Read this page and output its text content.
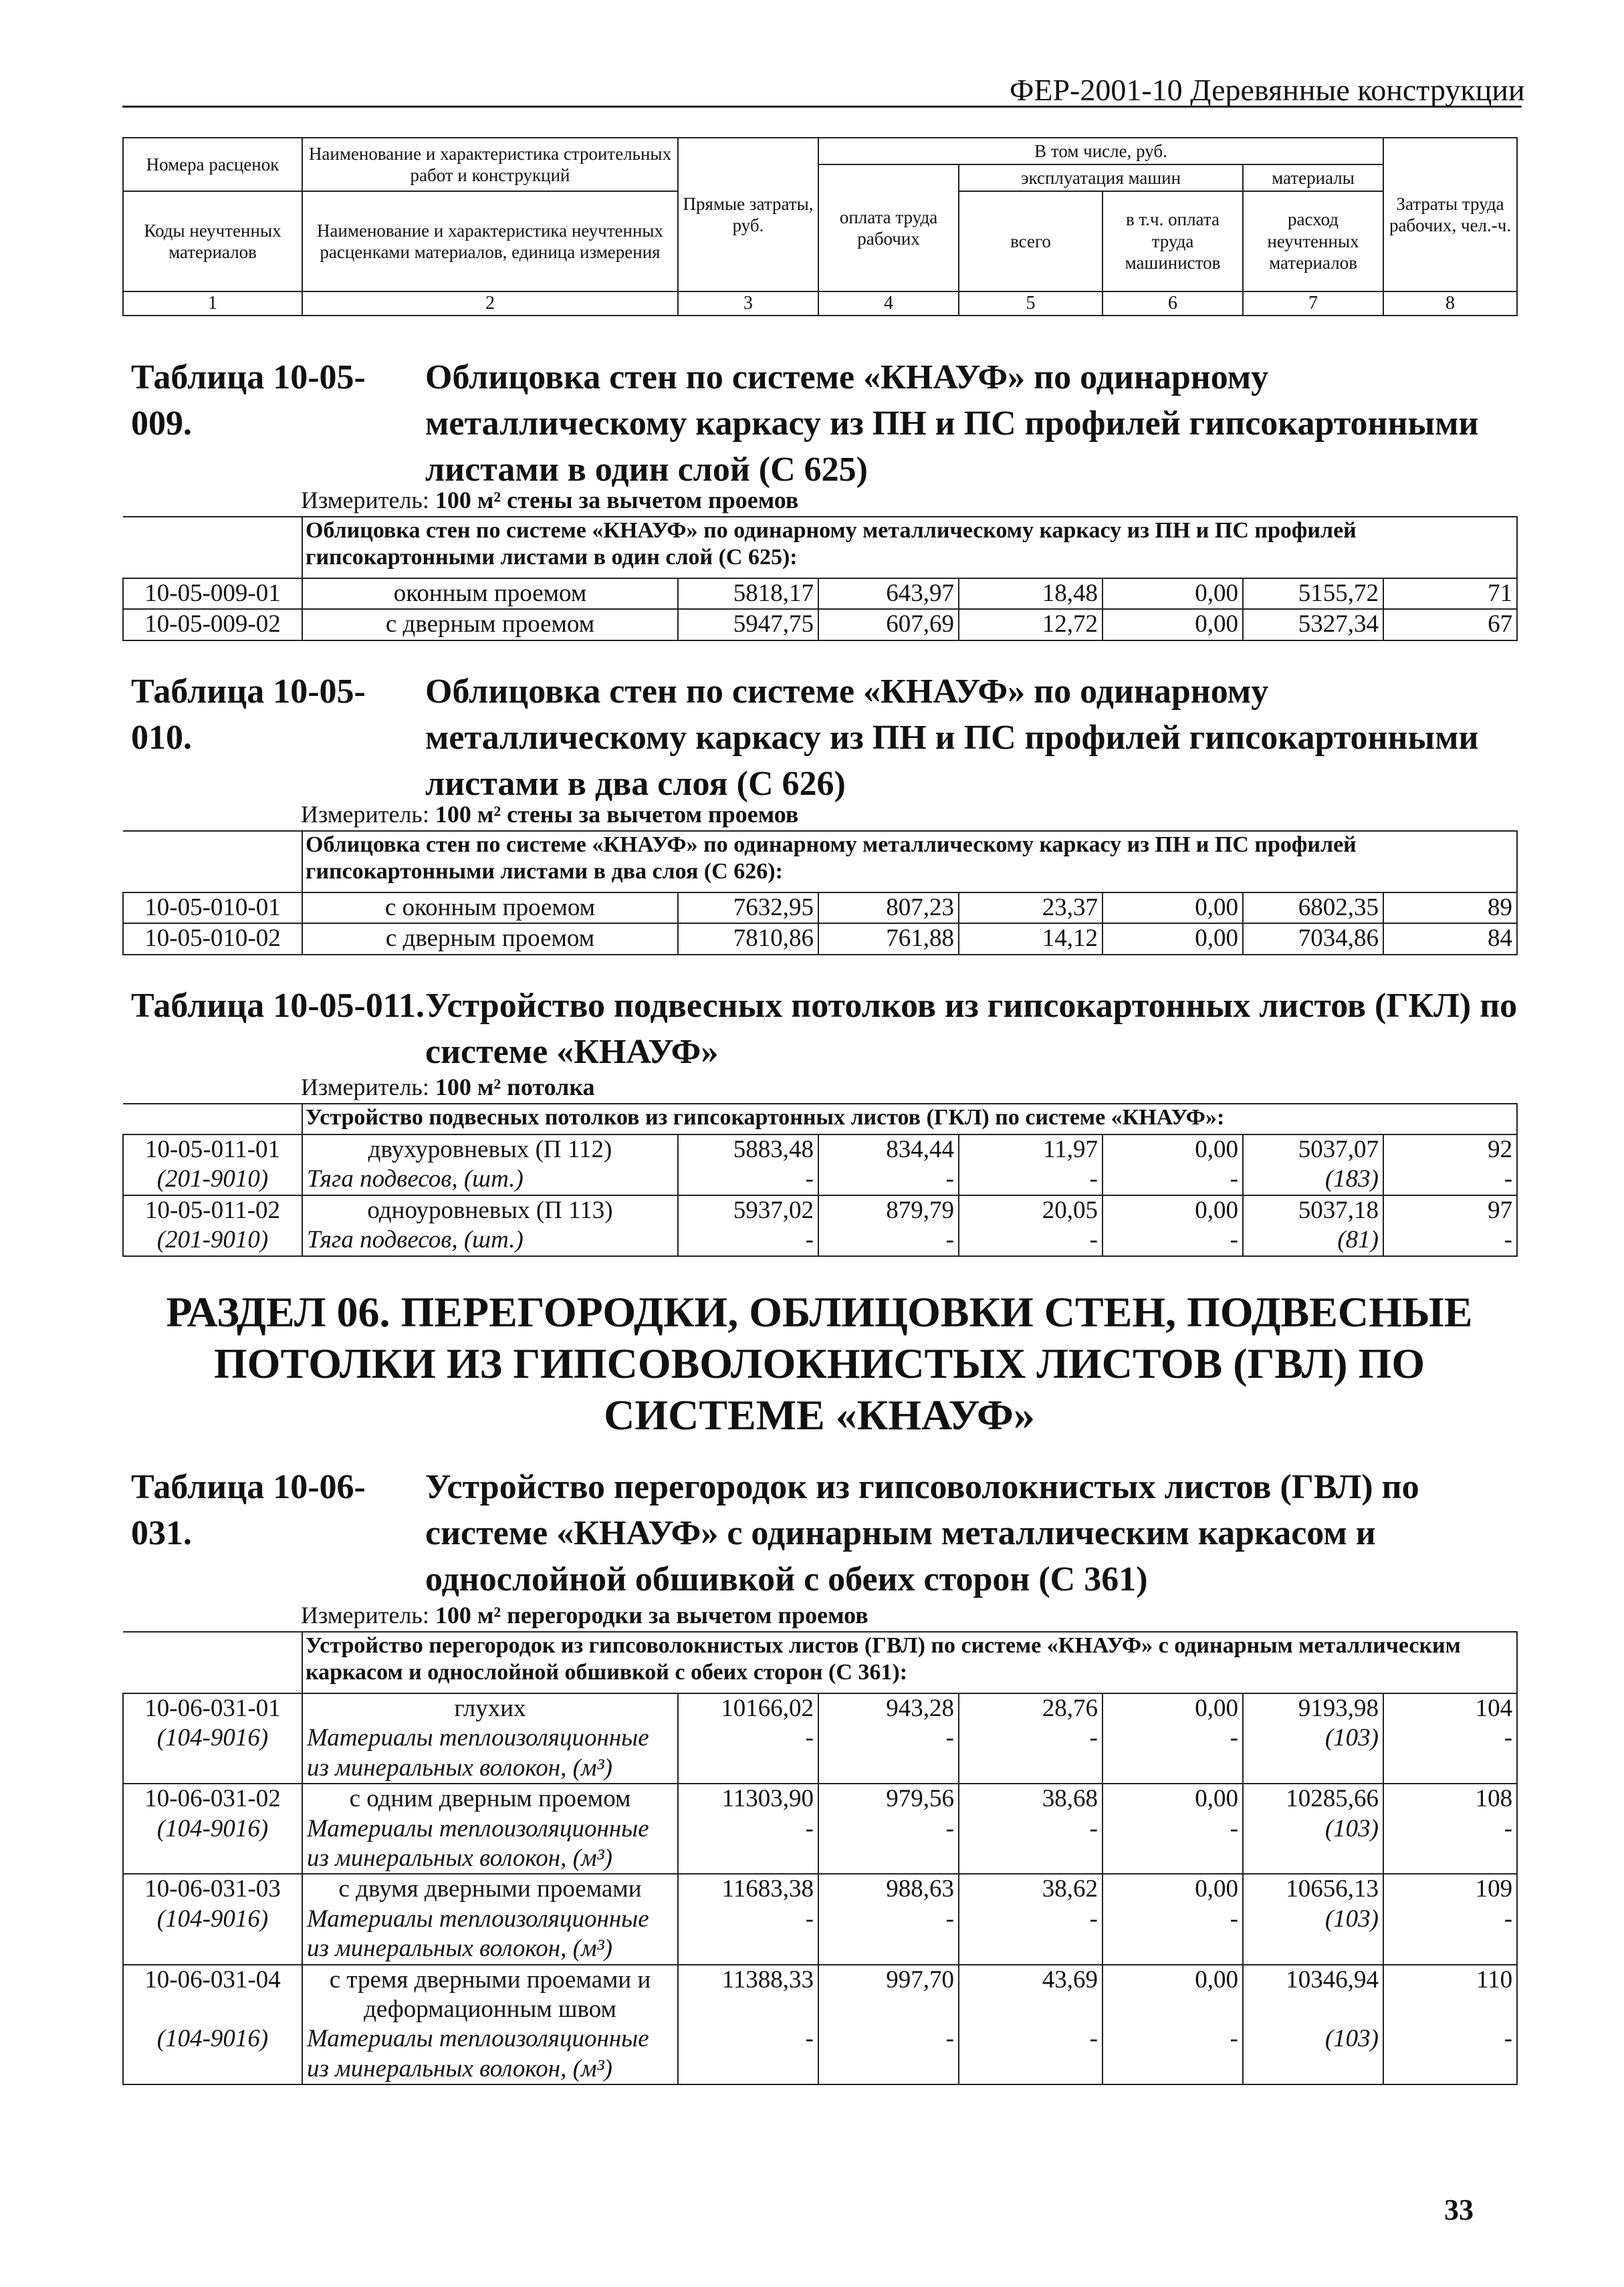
ФЕР-2001-10 Деревянные конструкции
Номера расценок	Наименование и характеристика строительных работ и конструкций	Прямые затраты, руб.	В том числе, руб.				Затраты труда рабочих, чел.-ч.
			оплата труда рабочих	эксплуатация машин		материалы	
Коды неучтенных материалов	Наименование и характеристика неучтенных расценками материалов, единица измерения			всего	в т.ч. оплата труда машинистов	расход неучтенных материалов	

1	2	3	4	5	6	7	8
Таблица 10-05-009.Облицовка стен по системе «КНАУФ» по одинарному металлическому каркасу из ПН и ПС профилей гипсокартонными листами в один слой (С 625)
Измеритель: 100 м² стены за вычетом проемов
	Облицовка стен по системе «КНАУФ» по одинарному металлическому каркасу из ПН и ПС профилей гипсокартонными листами в один слой (С 625):						
10-05-009-01	оконным проемом	5818,17	643,97	18,48	0,00	5155,72	71
10-05-009-02	с дверным проемом	5947,75	607,69	12,72	0,00	5327,34	67
Таблица 10-05-010.Облицовка стен по системе «КНАУФ» по одинарному металлическому каркасу из ПН и ПС профилей гипсокартонными листами в два слоя (С 626)
Измеритель: 100 м² стены за вычетом проемов
	Облицовка стен по системе «КНАУФ» по одинарному металлическому каркасу из ПН и ПС профилей гипсокартонными листами в два слоя (С 626):						
10-05-010-01	с оконным проемом	7632,95	807,23	23,37	0,00	6802,35	89
10-05-010-02	с дверным проемом	7810,86	761,88	14,12	0,00	7034,86	84
Таблица 10-05-011.Устройство подвесных потолков из гипсокартонных листов (ГКЛ) по системе «КНАУФ»
Измеритель: 100 м² потолка
	Устройство подвесных потолков из гипсокартонных листов (ГКЛ) по системе «КНАУФ»:						
10-05-011-01	двухуровневых (П 112)	5883,48	834,44	11,97	0,00	5037,07	92
(201-9010)	Тяга подвесов, (шт.)	-	-	-	-	(183)	-
10-05-011-02	одноуровневых (П 113)	5937,02	879,79	20,05	0,00	5037,18	97
(201-9010)	Тяга подвесов, (шт.)	-	-	-	-	(81)	-
РАЗДЕЛ 06. ПЕРЕГОРОДКИ, ОБЛИЦОВКИ СТЕН, ПОДВЕСНЫЕ ПОТОЛКИ ИЗ ГИПСОВОЛОКНИСТЫХ ЛИСТОВ (ГВЛ) ПО СИСТЕМЕ «КНАУФ»
Таблица 10-06-031.Устройство перегородок из гипсоволокнистых листов (ГВЛ) по системе «КНАУФ» с одинарным металлическим каркасом и однослойной обшивкой с обеих сторон (С 361)
Измеритель: 100 м² перегородки за вычетом проемов
	Устройство перегородок из гипсоволокнистых листов (ГВЛ) по системе «КНАУФ» с одинарным металлическим каркасом и однослойной обшивкой с обеих сторон (С 361):						
10-06-031-01	глухих	10166,02	943,28	28,76	0,00	9193,98	104
(104-9016)	Материалы теплоизоляционные из минеральных волокон, (м³)	-	-	-	-	(103)	-
10-06-031-02	с одним дверным проемом	11303,90	979,56	38,68	0,00	10285,66	108
(104-9016)	Материалы теплоизоляционные из минеральных волокон, (м³)	-	-	-	-	(103)	-
10-06-031-03	с двумя дверными проемами	11683,38	988,63	38,62	0,00	10656,13	109
(104-9016)	Материалы теплоизоляционные из минеральных волокон, (м³)	-	-	-	-	(103)	-
10-06-031-04	с тремя дверными проемами и деформационным швом	11388,33	997,70	43,69	0,00	10346,94	110
(104-9016)	Материалы теплоизоляционные из минеральных волокон, (м³)	-	-	-	-	(103)	-
33
